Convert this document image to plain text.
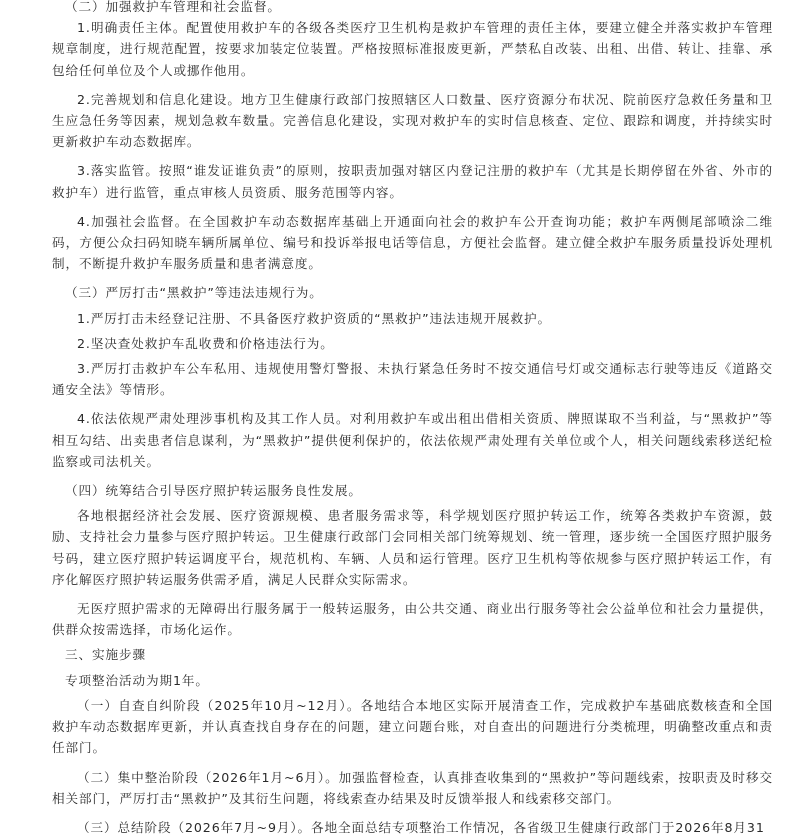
（二）加强救护车管理和社会监督。

1.明确责任主体。配置使用救护车的各级各类医疗卫生机构是救护车管理的责任主体，要建立健全并落实救护车管理规章制度，进行规范配置，按要求加装定位装置。严格按照标准报废更新，严禁私自改装、出租、出借、转让、挂靠、承包给任何单位及个人或挪作他用。

2.完善规划和信息化建设。地方卫生健康行政部门按照辖区人口数量、医疗资源分布状况、院前医疗急救任务量和卫生应急任务等因素，规划急救车数量。完善信息化建设，实现对救护车的实时信息核查、定位、跟踪和调度，并持续实时更新救护车动态数据库。

3.落实监管。按照“谁发证谁负责”的原则，按职责加强对辖区内登记注册的救护车（尤其是长期停留在外省、外市的救护车）进行监管，重点审核人员资质、服务范围等内容。

4.加强社会监督。在全国救护车动态数据库基础上开通面向社会的救护车公开查询功能；救护车两侧尾部喷涂二维码，方便公众扫码知晓车辆所属单位、编号和投诉举报电话等信息，方便社会监督。建立健全救护车服务质量投诉处理机制，不断提升救护车服务质量和患者满意度。

（三）严厉打击“黑救护”等违法违规行为。

1.严厉打击未经登记注册、不具备医疗救护资质的“黑救护”违法违规开展救护。

2.坚决查处救护车乱收费和价格违法行为。

3.严厉打击救护车公车私用、违规使用警灯警报、未执行紧急任务时不按交通信号灯或交通标志行驶等违反《道路交通安全法》等情形。

4.依法依规严肃处理涉事机构及其工作人员。对利用救护车或出租出借相关资质、牌照谋取不当利益，与“黑救护”等相互勾结、出卖患者信息谋利，为“黑救护”提供便利保护的，依法依规严肃处理有关单位或个人，相关问题线索移送纪检监察或司法机关。

（四）统筹结合引导医疗照护转运服务良性发展。

各地根据经济社会发展、医疗资源规模、患者服务需求等，科学规划医疗照护转运工作，统筹各类救护车资源，鼓励、支持社会力量参与医疗照护转运。卫生健康行政部门会同相关部门统筹规划、统一管理，逐步统一全国医疗照护服务号码，建立医疗照护转运调度平台，规范机构、车辆、人员和运行管理。医疗卫生机构等依规参与医疗照护转运工作，有序化解医疗照护转运服务供需矛盾，满足人民群众实际需求。

无医疗照护需求的无障碍出行服务属于一般转运服务，由公共交通、商业出行服务等社会公益单位和社会力量提供，供群众按需选择，市场化运作。

三、实施步骤

专项整治活动为期1年。

（一）自查自纠阶段（2025年10月~12月）。各地结合本地区实际开展清查工作，完成救护车基础底数核查和全国救护车动态数据库更新，并认真查找自身存在的问题，建立问题台账，对自查出的问题进行分类梳理，明确整改重点和责任部门。

（二）集中整治阶段（2026年1月~6月）。加强监督检查，认真排查收集到的“黑救护”等问题线索，按职责及时移交相关部门，严厉打击“黑救护”及其衍生问题，将线索查办结果及时反馈举报人和线索移交部门。

（三）总结阶段（2026年7月~9月）。各地全面总结专项整治工作情况，各省级卫生健康行政部门于2026年8月31
